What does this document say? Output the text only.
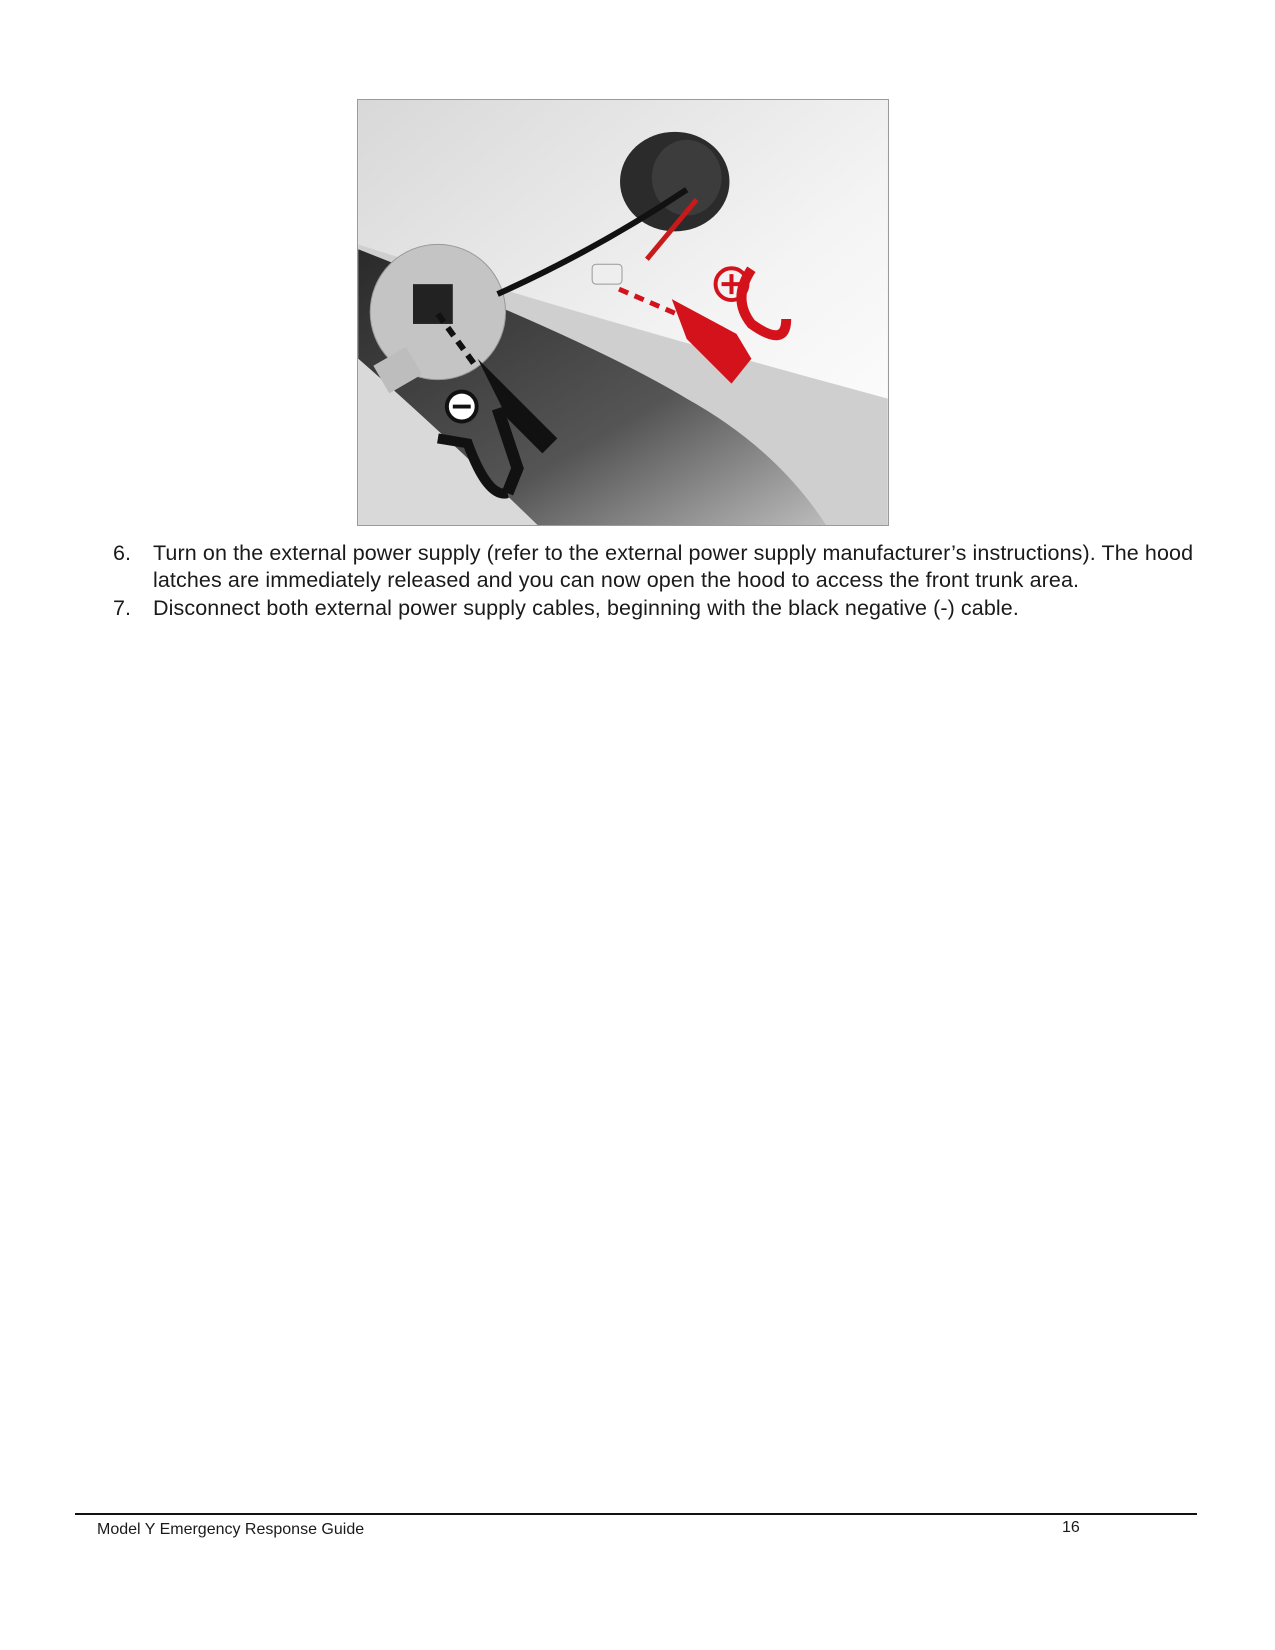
6.	Turn on the external power supply (refer to the external power supply manufacturer’s instructions). The hood latches are immediately released and you can now open the hood to access the front trunk area.
7.	Disconnect both external power supply cables, beginning with the black negative (-) cable.
Model Y Emergency Response Guide	16
